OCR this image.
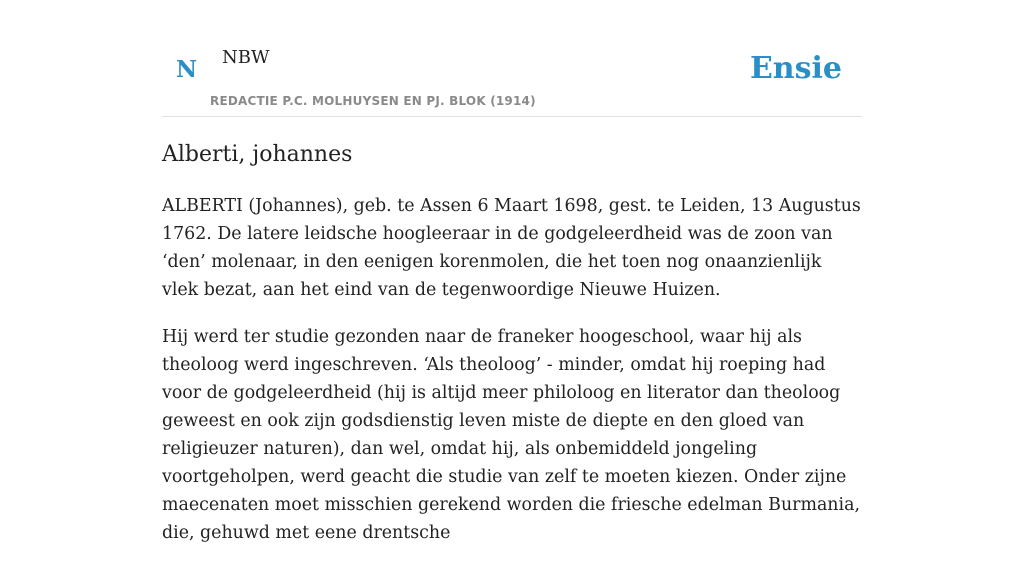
N NBW
REDACTIE P.C. MOLHUYSEN EN PJ. BLOK (1914)
Ensie
Alberti, johannes

ALBERTI (Johannes), geb. te Assen 6 Maart 1698, gest. te Leiden, 13 Augustus 1762. De latere leidsche hoogleeraar in de godgeleerdheid was de zoon van ‘den’ molenaar, in den eenigen korenmolen, die het toen nog onaanzienlijk vlek bezat, aan het eind van de tegenwoordige Nieuwe Huizen.

Hij werd ter studie gezonden naar de franeker hoogeschool, waar hij als theoloog werd ingeschreven. ‘Als theoloog’ - minder, omdat hij roeping had voor de godgeleerdheid (hij is altijd meer philoloog en literator dan theoloog geweest en ook zijn godsdienstig leven miste de diepte en den gloed van religieuzer naturen), dan wel, omdat hij, als onbemiddeld jongeling voortgeholpen, werd geacht die studie van zelf te moeten kiezen. Onder zijne maecenaten moet misschien gerekend worden die friesche edelman Burmania, die, gehuwd met eene drentsche
